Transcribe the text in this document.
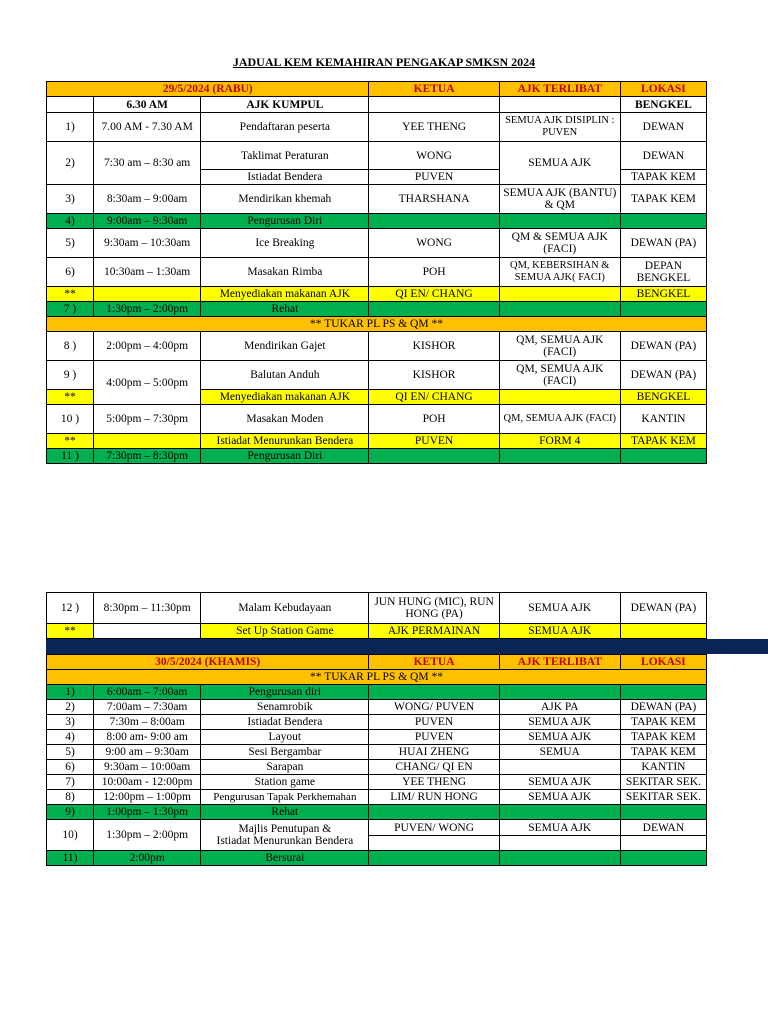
JADUAL KEM KEMAHIRAN PENGAKAP SMKSN 2024
29/5/2024 (RABU)			KETUA	AJK TERLIBAT	LOKASI
	6.30 AM	AJK KUMPUL			BENGKEL
1)	7.00 AM - 7.30 AM	Pendaftaran peserta	YEE THENG	SEMUA AJK DISIPLIN : PUVEN	DEWAN
2)	7:30 am – 8:30 am	Taklimat Peraturan	WONG	SEMUA AJK	DEWAN
		Istiadat Bendera	PUVEN		TAPAK KEM
3)	8:30am – 9:00am	Mendirikan khemah	THARSHANA	SEMUA AJK (BANTU) & QM	TAPAK KEM
4)	9:00am – 9:30am	Pengurusan Diri			
5)	9:30am – 10:30am	Ice Breaking	WONG	QM & SEMUA AJK (FACI)	DEWAN (PA)
6)	10:30am – 1:30am	Masakan Rimba	POH	QM, KEBERSIHAN & SEMUA AJK( FACI)	DEPAN BENGKEL
**		Menyediakan makanan AJK	QI EN/ CHANG		BENGKEL
7 )	1:30pm – 2:00pm	Rehat			
** TUKAR PL PS & QM **					
8 )	2:00pm – 4:00pm	Mendirikan Gajet	KISHOR	QM, SEMUA AJK (FACI)	DEWAN (PA)
9 )	4:00pm – 5:00pm	Balutan Anduh	KISHOR	QM, SEMUA AJK (FACI)	DEWAN (PA)
**		Menyediakan makanan AJK	QI EN/ CHANG		BENGKEL
10 )	5:00pm – 7:30pm	Masakan Moden	POH	QM, SEMUA AJK (FACI)	KANTIN
**		Istiadat Menurunkan Bendera	PUVEN	FORM 4	TAPAK KEM
11 )	7:30pm – 8:30pm	Pengurusan Diri			
12 )	8:30pm – 11:30pm	Malam Kebudayaan	JUN HUNG (MIC), RUN HONG (PA)	SEMUA AJK	DEWAN (PA)
**		Set Up Station Game	AJK PERMAINAN	SEMUA AJK	
30/5/2024 (KHAMIS)			KETUA	AJK TERLIBAT	LOKASI
** TUKAR PL PS & QM **					
1)	6:00am – 7:00am	Pengurusan diri			
2)	7:00am – 7:30am	Senamrobik	WONG/ PUVEN	AJK PA	DEWAN (PA)
3)	7:30m – 8:00am	Istiadat Bendera	PUVEN	SEMUA AJK	TAPAK KEM
4)	8:00 am- 9:00 am	Layout	PUVEN	SEMUA AJK	TAPAK KEM
5)	9:00 am – 9:30am	Sesi Bergambar	HUAI ZHENG	SEMUA	TAPAK KEM
6)	9:30am – 10:00am	Sarapan	CHANG/ QI EN		KANTIN
7)	10:00am - 12:00pm	Station game	YEE THENG	SEMUA AJK	SEKITAR SEK.
8)	12:00pm – 1:00pm	Pengurusan Tapak Perkhemahan	LIM/ RUN HONG	SEMUA AJK	SEKITAR SEK.
9)	1:00pm – 1:30pm	Rehat			
10)	1:30pm – 2:00pm	Majlis Penutupan &
Istiadat Menurunkan Bendera	PUVEN/ WONG	SEMUA AJK	DEWAN

11)	2:00pm	Bersurai			
